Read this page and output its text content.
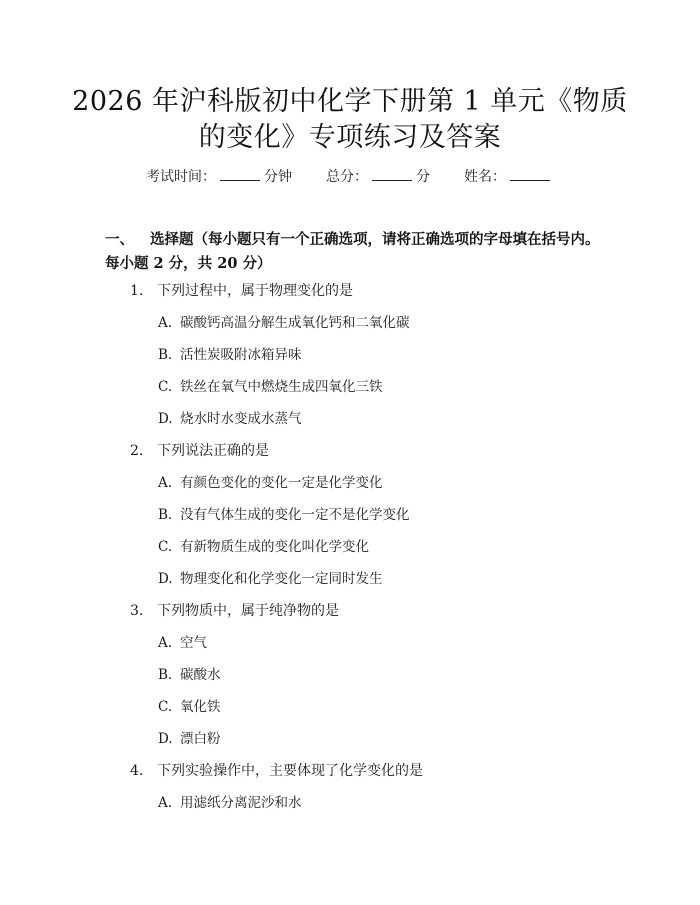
2026 年沪科版初中化学下册第 1 单元《物质
的变化》专项练习及答案
考试时间：	分钟 总分：	分 姓名：
一、 选择题（每小题只有一个正确选项，请将正确选项的字母填在括号内。每小题 2 分，共 20 分）
1. 下列过程中，属于物理变化的是
A. 碳酸钙高温分解生成氧化钙和二氧化碳
B. 活性炭吸附冰箱异味
C. 铁丝在氧气中燃烧生成四氧化三铁
D. 烧水时水变成水蒸气
2. 下列说法正确的是
A. 有颜色变化的变化一定是化学变化
B. 没有气体生成的变化一定不是化学变化
C. 有新物质生成的变化叫化学变化
D. 物理变化和化学变化一定同时发生
3. 下列物质中，属于纯净物的是
A. 空气
B. 碳酸水
C. 氧化铁
D. 漂白粉
4. 下列实验操作中，主要体现了化学变化的是
A. 用滤纸分离泥沙和水
